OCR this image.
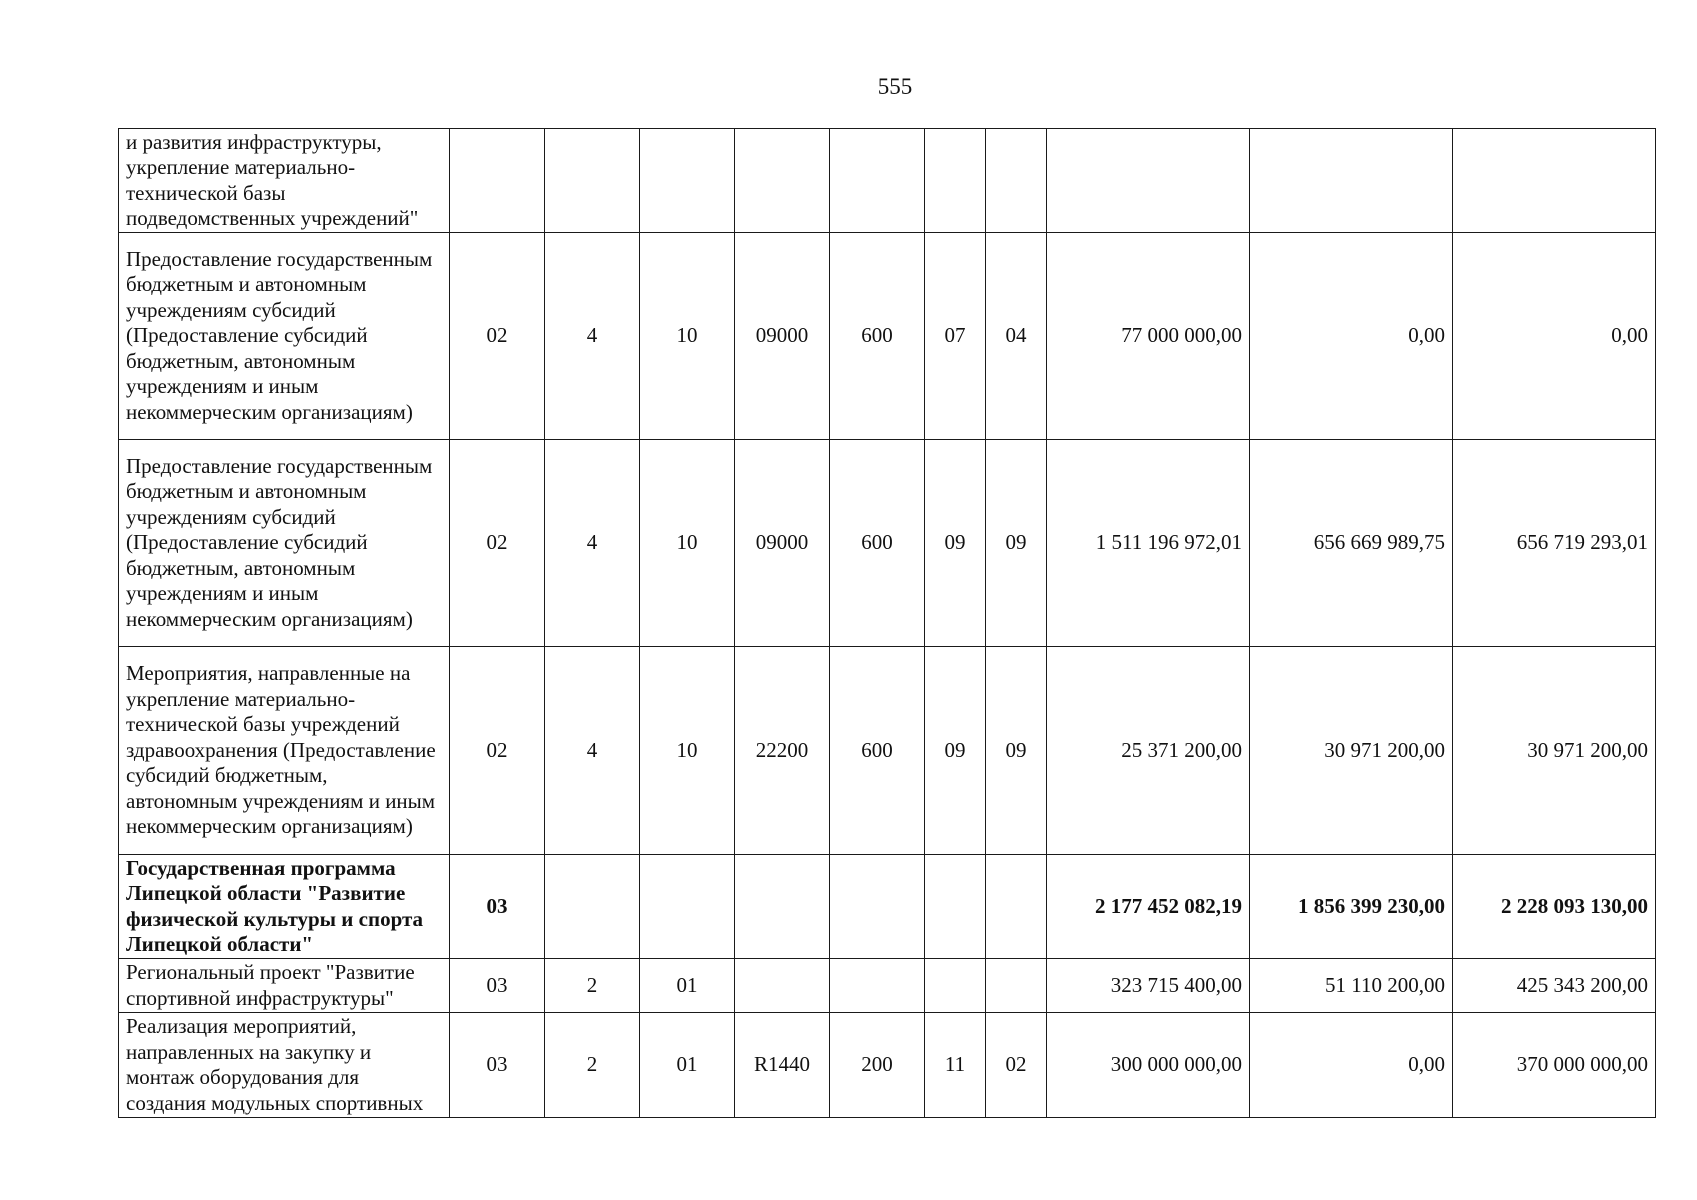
555
и развития инфраструктуры, укрепление материально-технической базы подведомственных учреждений"										
Предоставление государственным бюджетным и автономным учреждениям субсидий (Предоставление субсидий бюджетным, автономным учреждениям и иным некоммерческим организациям)	02	4	10	09000	600	07	04	77 000 000,00	0,00	0,00
Предоставление государственным бюджетным и автономным учреждениям субсидий (Предоставление субсидий бюджетным, автономным учреждениям и иным некоммерческим организациям)	02	4	10	09000	600	09	09	1 511 196 972,01	656 669 989,75	656 719 293,01
Мероприятия, направленные на укрепление материально-технической базы учреждений здравоохранения (Предоставление субсидий бюджетным, автономным учреждениям и иным некоммерческим организациям)	02	4	10	22200	600	09	09	25 371 200,00	30 971 200,00	30 971 200,00
Государственная программа Липецкой области "Развитие физической культуры и спорта Липецкой области"	03							2 177 452 082,19	1 856 399 230,00	2 228 093 130,00
Региональный проект "Развитие спортивной инфраструктуры"	03	2	01					323 715 400,00	51 110 200,00	425 343 200,00
Реализация мероприятий, направленных на закупку и монтаж оборудования для создания модульных спортивных	03	2	01	R1440	200	11	02	300 000 000,00	0,00	370 000 000,00
